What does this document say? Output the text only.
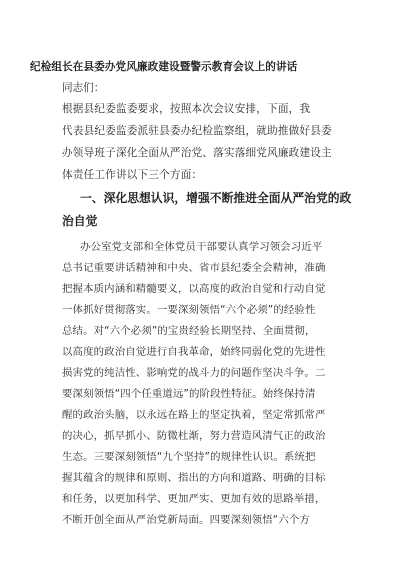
纪检组长在县委办党风廉政建设暨警示教育会议上的讲话
同志们：
根据县纪委监委要求，按照本次会议安排，下面，我
代表县纪委监委派驻县委办纪检监察组，就助推做好县委
办领导班子深化全面从严治党、落实落细党风廉政建设主
体责任工作讲以下三个方面：
一、深化思想认识，增强不断推进全面从严治党的政
治自觉
办公室党支部和全体党员干部要认真学习领会习近平
总书记重要讲话精神和中央、省市县纪委全会精神，准确
把握本质内涵和精髓要义，以高度的政治自觉和行动自觉
一体抓好贯彻落实。一要深刻领悟“六个必须”的经验性
总结。对“六个必须”的宝贵经验长期坚持、全面贯彻，
以高度的政治自觉进行自我革命，始终同弱化党的先进性
损害党的纯洁性、影响党的战斗力的问题作坚决斗争。二
要深刻领悟“四个任重道远”的阶段性特征。始终保持清
醒的政治头脑，以永远在路上的坚定执着，坚定常抓常严
的决心，抓早抓小、防微杜渐，努力营造风清气正的政治
生态。三要深刻领悟“九个坚持”的规律性认识。系统把
握其蕴含的规律和原则、指出的方向和道路、明确的目标
和任务，以更加科学、更加严实、更加有效的思路举措，
不断开创全面从严治党新局面。四要深刻领悟“六个方
